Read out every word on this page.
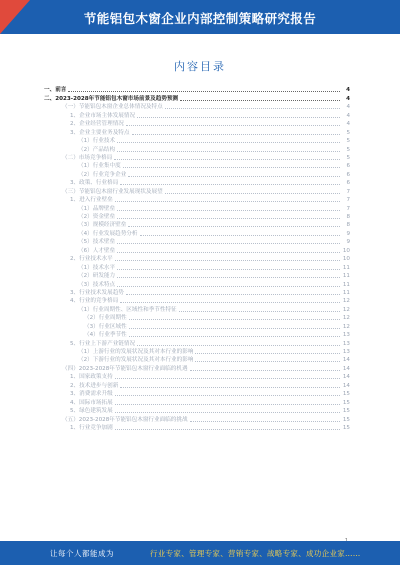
节能铝包木窗企业内部控制策略研究报告
内容目录
一、前言	4
二、2023-2028年节能铝包木窗市场前景及趋势预测	4
（一）节能铝包木窗企业总体情况及特点	4
1、企业市场主体发展情况	4
2、企业经营管理情况	4
3、企业主要业务及特点	5
（1）行业技术	5
（2）产品结构	5
（二）市场竞争格局	5
（1）行业集中度	6
（2）行业竞争企业	6
3、政策、行业格局	6
（三）节能铝包木窗行业发展现状及展望	7
1、进入行业壁垒	7
（1）品牌壁垒	7
（2）资金壁垒	8
（3）规模经济壁垒	8
（4）行业发展趋势分析	9
（5）技术壁垒	9
（6）人才壁垒	10
2、行业技术水平	10
（1）技术水平	11
（2）研发能力	11
（3）技术特点	11
3、行业技术发展趋势	11
4、行业的竞争格局	12
（1）行业周期性、区域性和季节性特征	12
（2）行业周期性	12
（3）行业区域性	12
（4）行业季节性	13
5、行业上下游产业链情况	13
（1）上游行业的发展状况及其对本行业的影响	13
（2）下游行业的发展状况及其对本行业的影响	14
（四）2023-2028年节能铝包木窗行业面临的机遇	14
1、国家政策支持	14
2、技术进步与创新	14
3、消费需求升级	15
4、国际市场拓展	15
5、绿色建筑发展	15
（五）2023-2028年节能铝包木窗行业面临的挑战	15
1、行业竞争加剧	15
让每个人都能成为	行业专家、管理专家、营销专家、战略专家、成功企业家……
